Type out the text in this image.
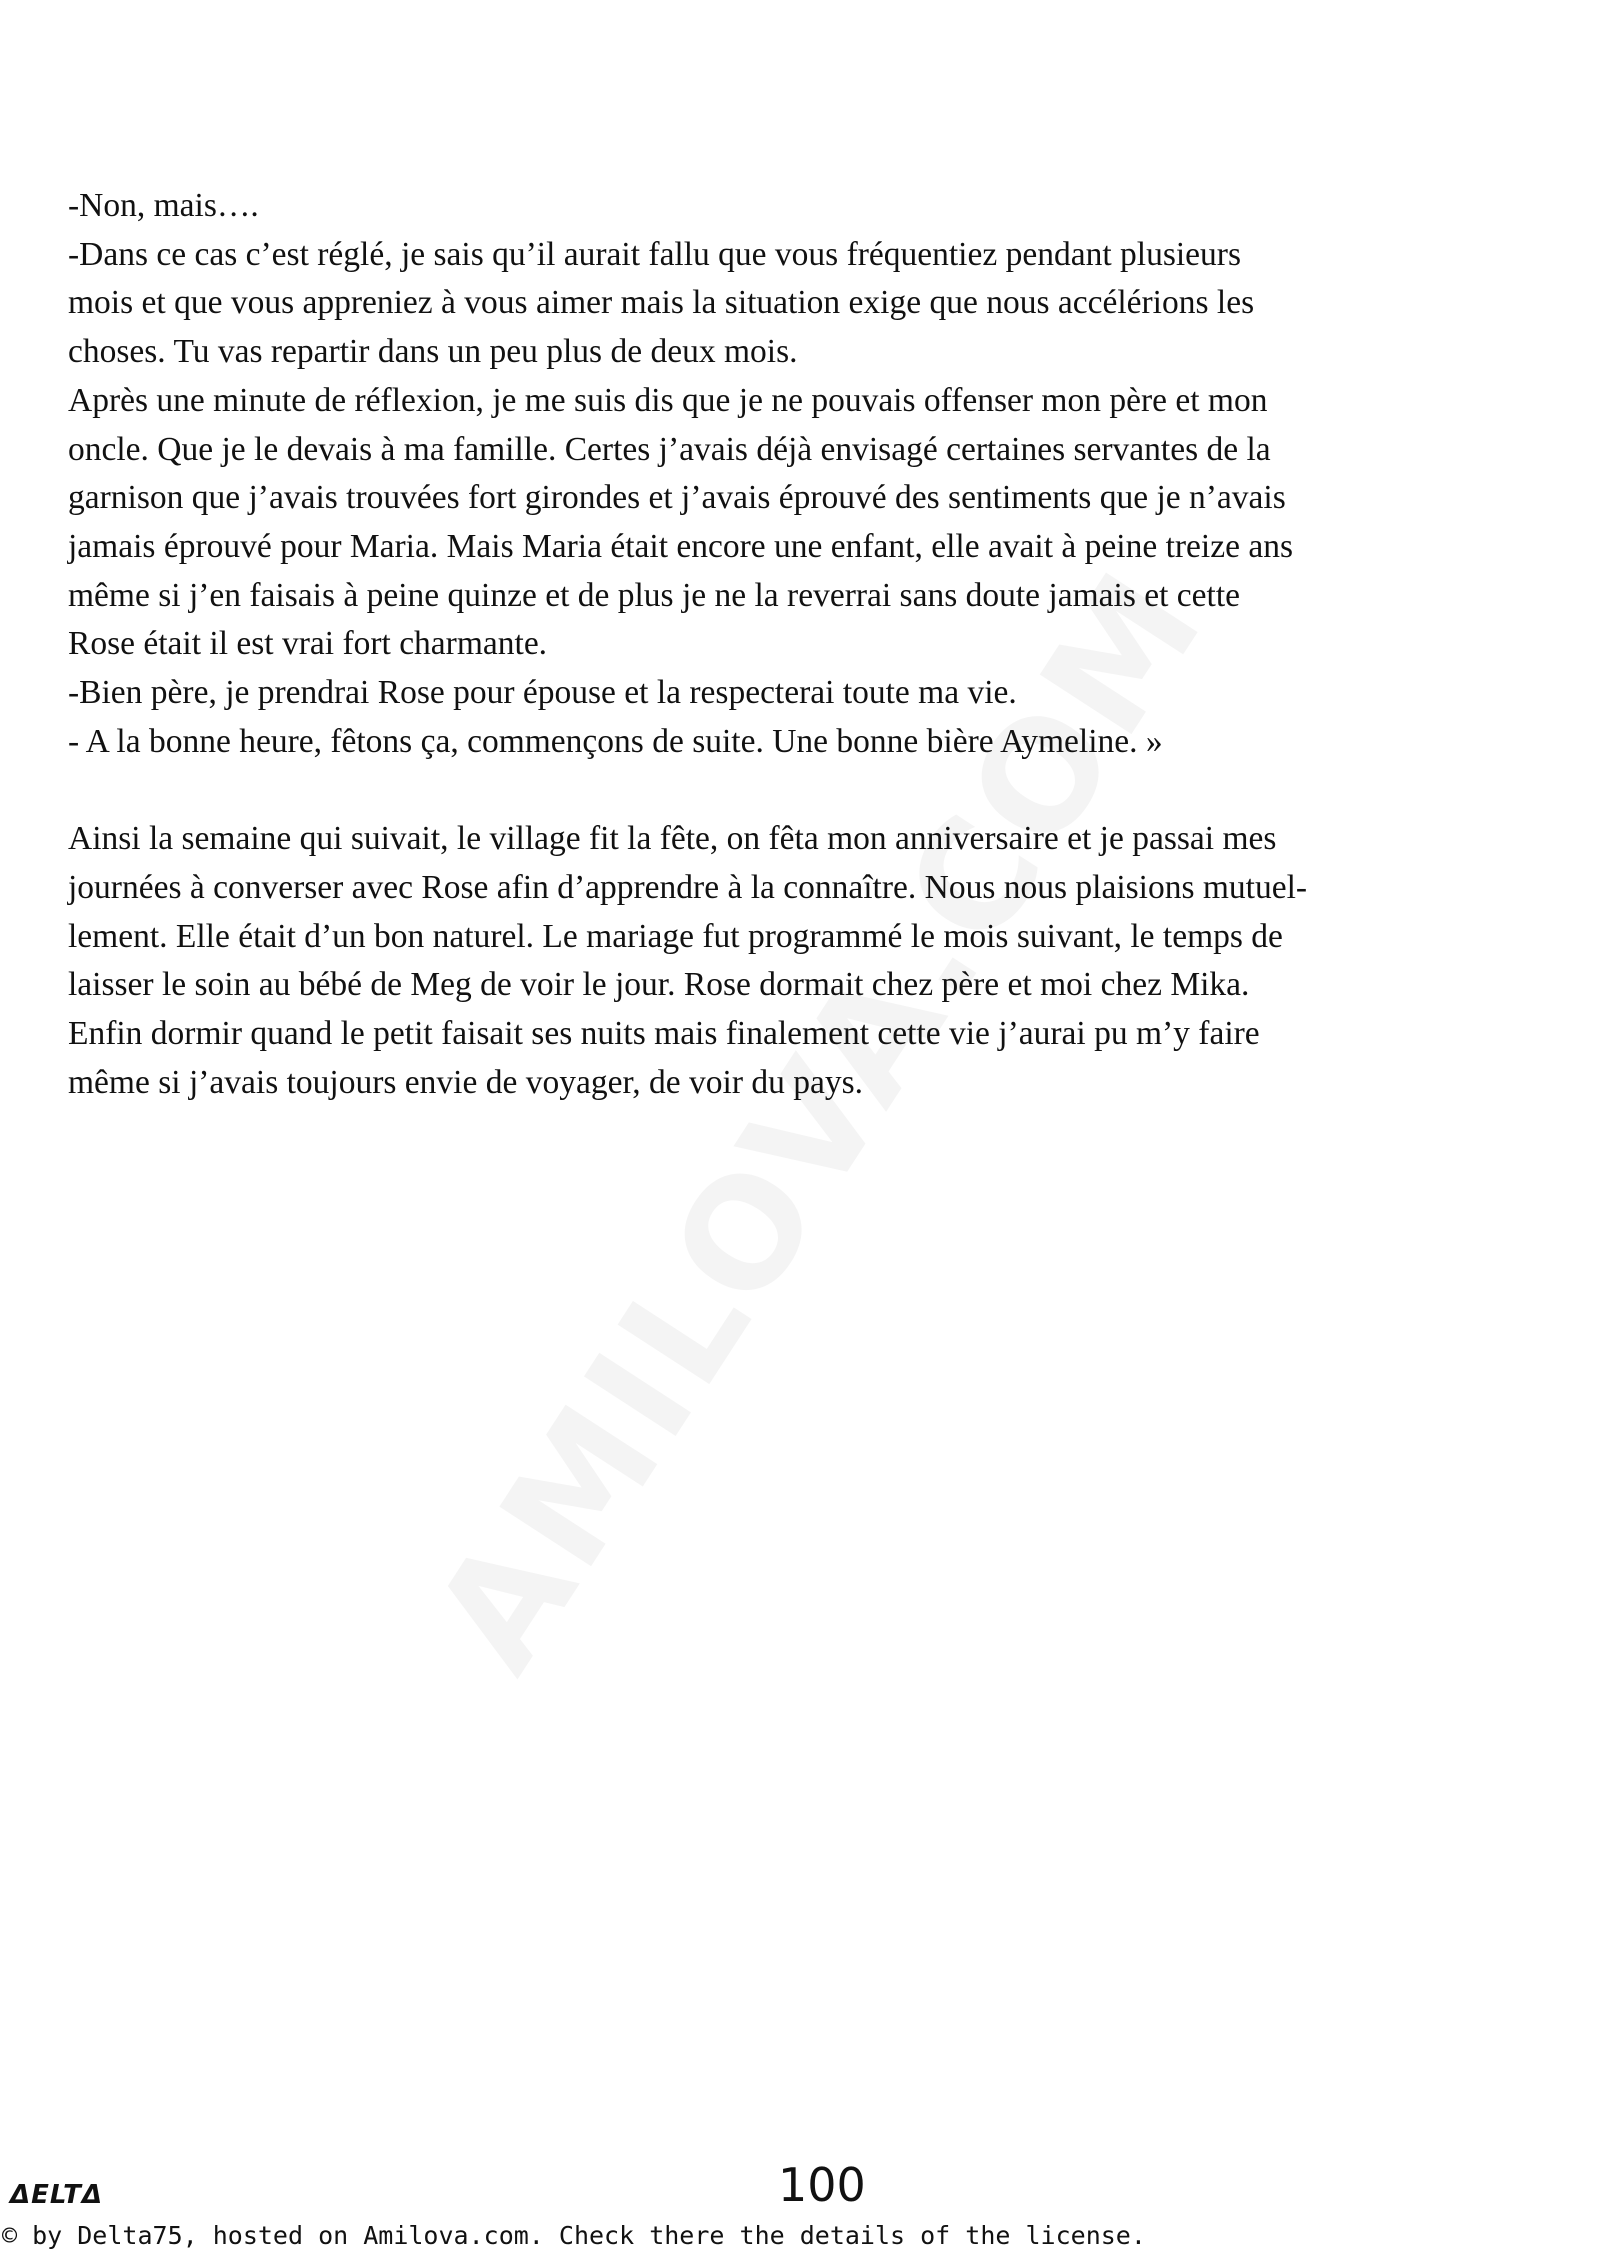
-Non, mais….
-Dans ce cas c’est réglé, je sais qu’il aurait fallu que vous fréquentiez pendant plusieurs
mois et que vous appreniez à vous aimer mais la situation exige que nous accélérions les
choses. Tu vas repartir dans un peu plus de deux mois.
Après une minute de réflexion, je me suis dis que je ne pouvais offenser mon père et mon
oncle. Que je le devais à ma famille. Certes j’avais déjà envisagé certaines servantes de la
garnison que j’avais trouvées fort girondes et j’avais éprouvé des sentiments que je n’avais
jamais éprouvé pour Maria. Mais Maria était encore une enfant, elle avait à peine treize ans
même si j’en faisais à peine quinze et de plus je ne la reverrai sans doute jamais et cette
Rose était il est vrai fort charmante.
-Bien père, je prendrai Rose pour épouse et la respecterai toute ma vie.
- A la bonne heure, fêtons ça, commençons de suite. Une bonne bière Aymeline. »
Ainsi la semaine qui suivait, le village fit la fête, on fêta mon anniversaire et je passai mes
journées à converser avec Rose afin d’apprendre à la connaître. Nous nous plaisions mutuel-
lement. Elle était d’un bon naturel. Le mariage fut programmé le mois suivant, le temps de
laisser le soin au bébé de Meg de voir le jour. Rose dormait chez père et moi chez Mika.
Enfin dormir quand le petit faisait ses nuits mais finalement cette vie j’aurai pu m’y faire
même si j’avais toujours envie de voyager, de voir du pays.
ΔELTΔ	100
© by Delta75, hosted on Amilova.com. Check there the details of the license.
